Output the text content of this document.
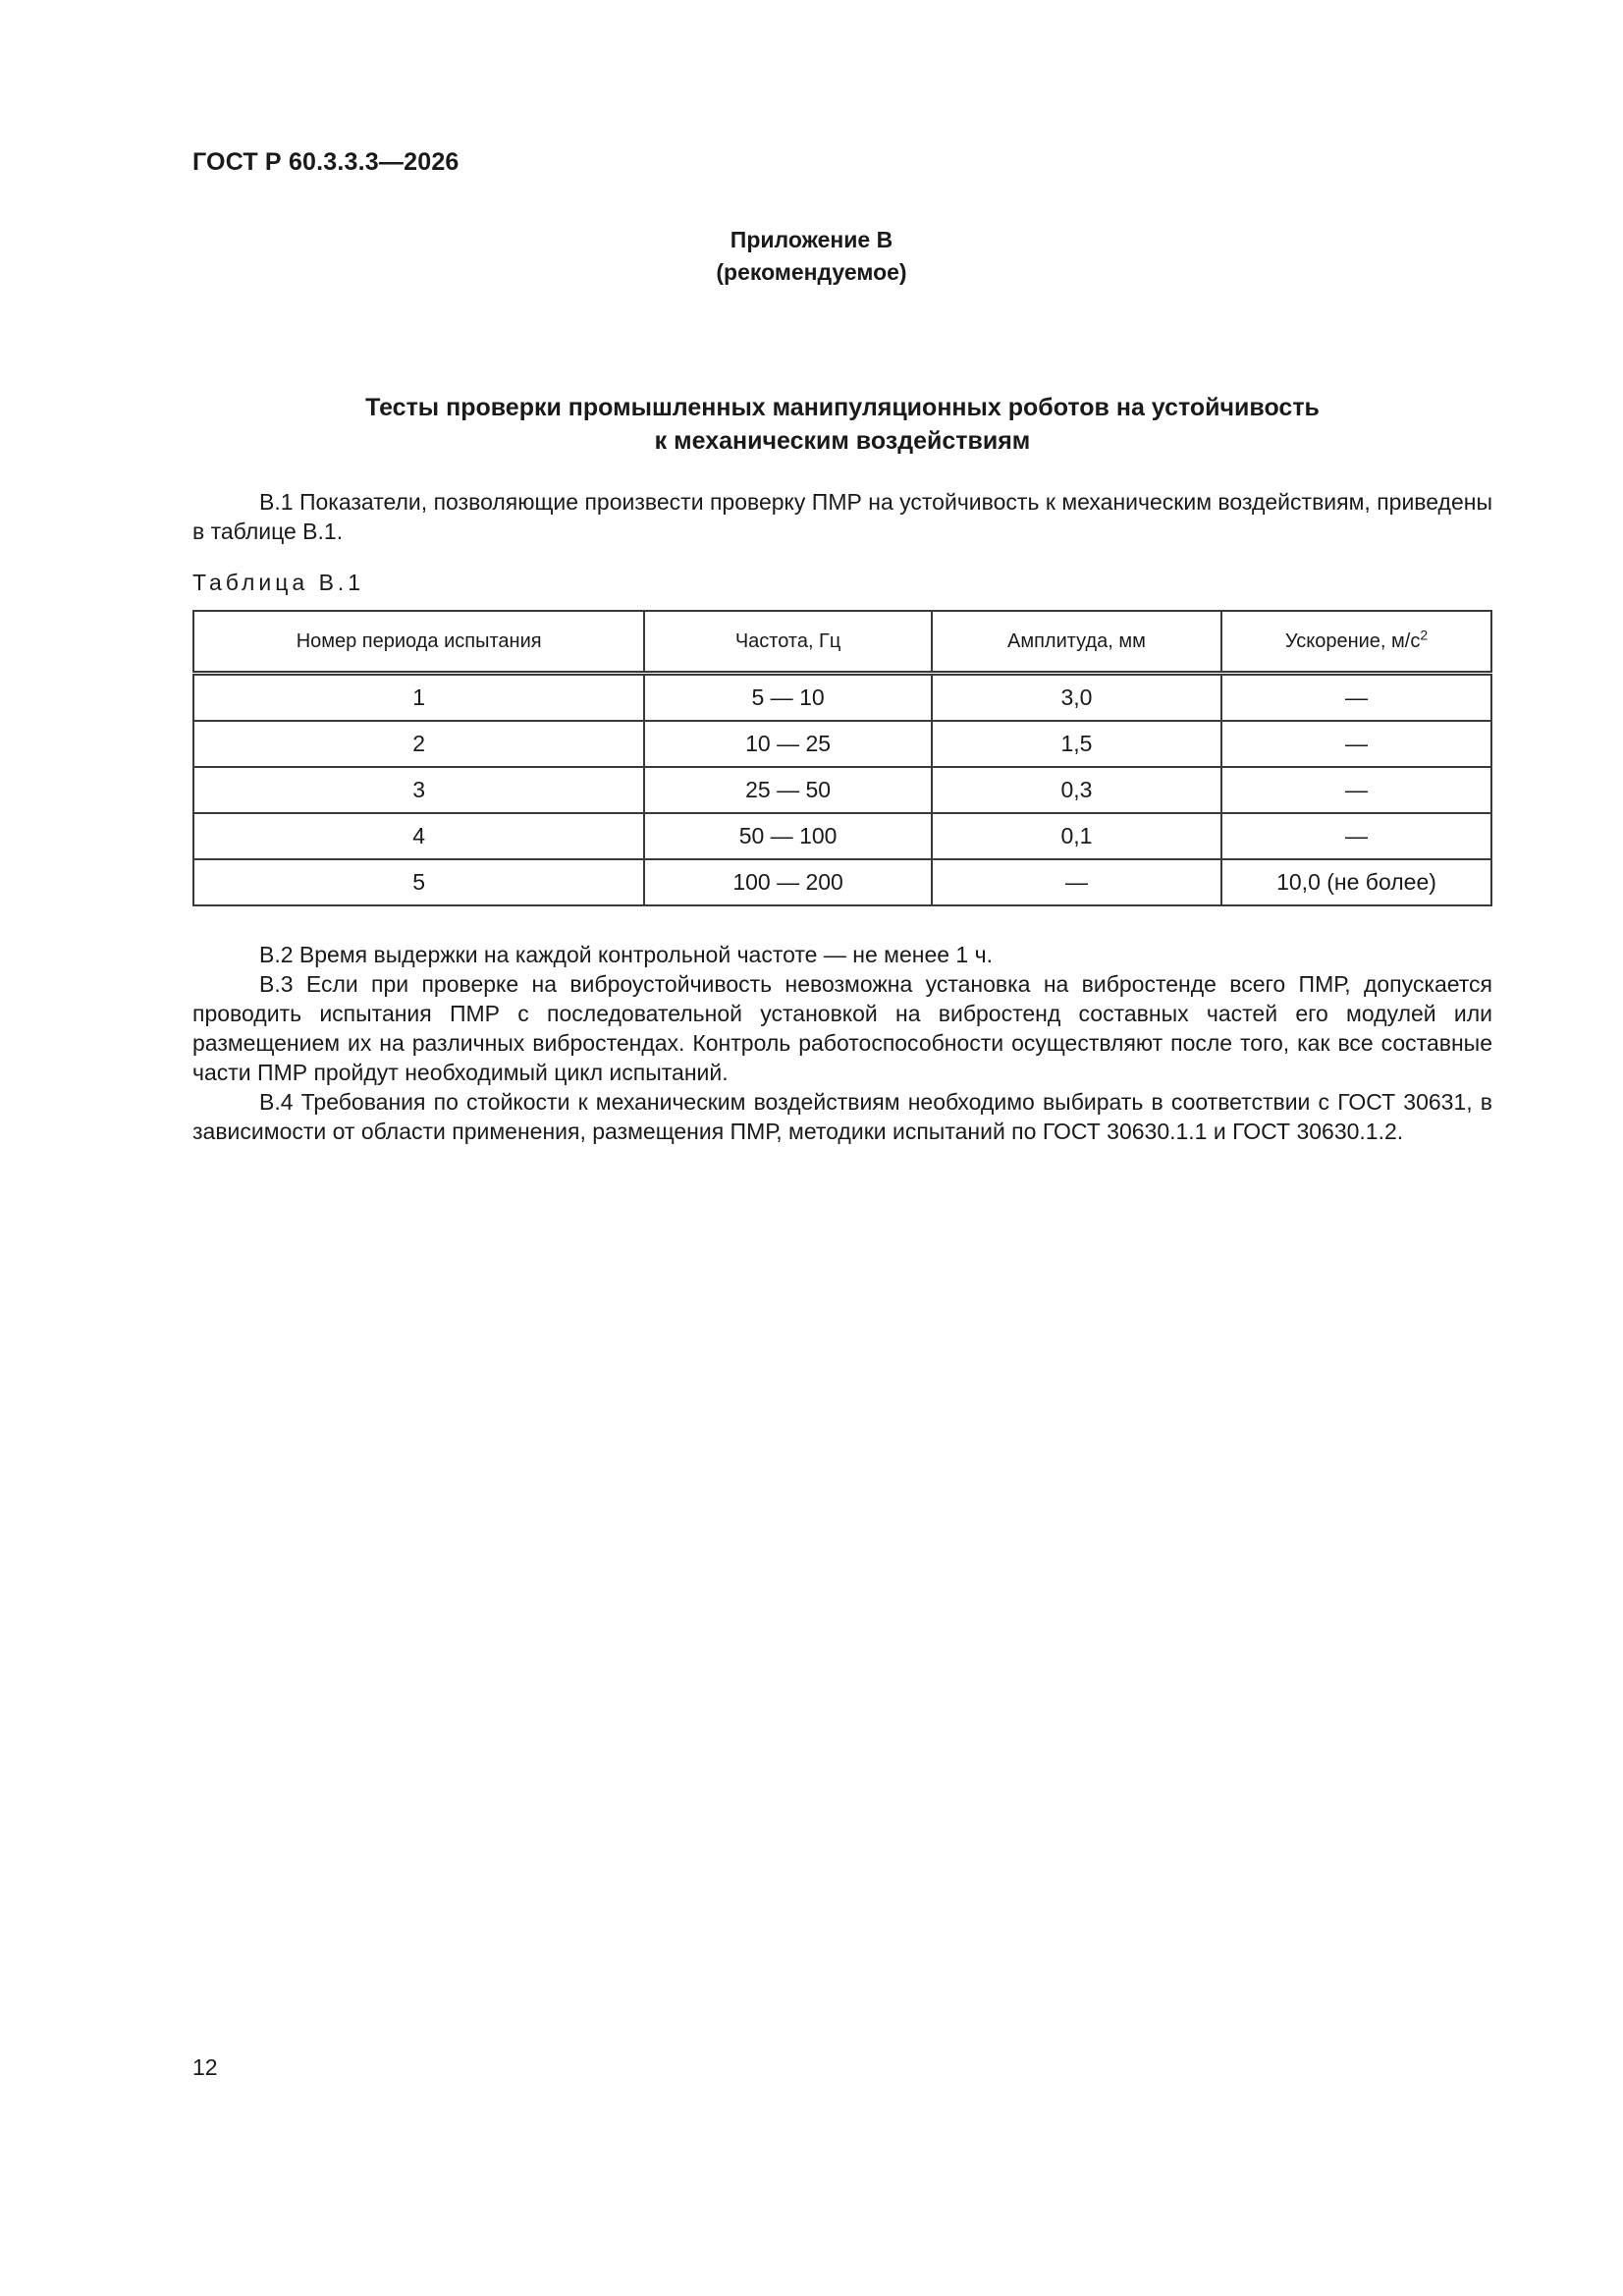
ГОСТ Р 60.3.3.3—2026
Приложение В
(рекомендуемое)
Тесты проверки промышленных манипуляционных роботов на устойчивость
к механическим воздействиям

В.1 Показатели, позволяющие произвести проверку ПМР на устойчивость к механическим воздействиям, приведены в таблице В.1.

Таблица В.1
Номер периода испытания	Частота, Гц	Амплитуда, мм	Ускорение, $м/с^2$
1	5 — 10	3,0	—
2	10 — 25	1,5	—
3	25 — 50	0,3	—
4	50 — 100	0,1	—
5	100 — 200	—	10,0 (не более)

В.2 Время выдержки на каждой контрольной частоте — не менее 1 ч.

В.3 Если при проверке на виброустойчивость невозможна установка на вибростенде всего ПМР, допускается проводить испытания ПМР с последовательной установкой на вибростенд составных частей его модулей или размещением их на различных вибростендах. Контроль работоспособности осуществляют после того, как все составные части ПМР пройдут необходимый цикл испытаний.

В.4 Требования по стойкости к механическим воздействиям необходимо выбирать в соответствии с ГОСТ 30631, в зависимости от области применения, размещения ПМР, методики испытаний по ГОСТ 30630.1.1 и ГОСТ 30630.1.2.

12
